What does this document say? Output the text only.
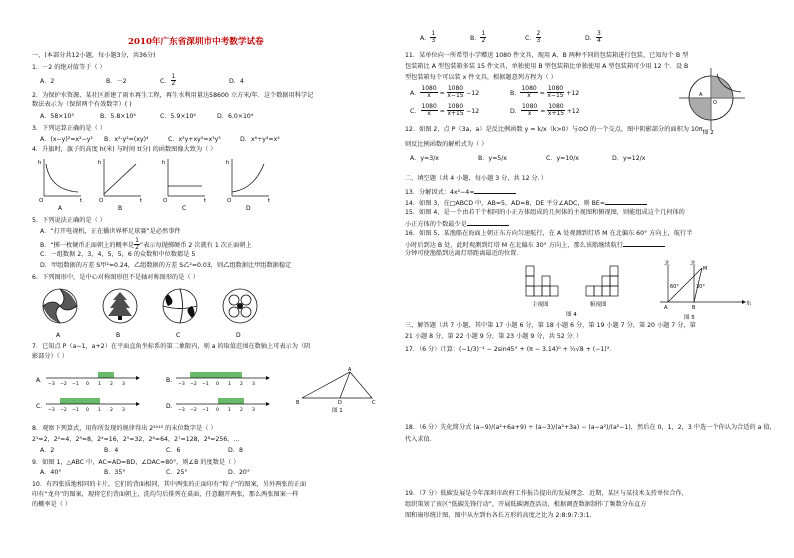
2010年广东省深圳市中考数学试卷
一、(本部分共12小题，每小题3分，共36分)
1．－2 的绝对值等于（ ）
A．2	B．－2	C． $\frac{1}{2}$	D．4
2．为保护水资源，某社区新建了雨水再生工程，再生水利用量达58600 立方米/年．这个数据用科学记
数法表示为（保留两个有效数字）( )
A．58×10³	B．5.8×10⁴	C．5.9×10⁴	D．6.0×10⁴
3．下列运算正确的是（ ）
A．(x−y)²=x²−y² B．x²·y²=(xy)⁴	C．x²y+xy²=x³y³	D．x⁶÷y²=x⁴
4．升旗时，旗子的高度 h(米) 与时间 t(分) 的函数图像大致为（ ）
h
t
O
A
h
t
O
B
h
t
O
C
h
t
O
D
5．下列说法正确的是（ ）
A．“打开电视机，正在播世界杯足球赛”是必然事件
B．“掷一枚硬币正面朝上的概率是 $\frac{1}{2}$ ”表示每抛掷硬币 2 次就有 1 次正面朝上
C．一组数据 2，3，4，5，5，6 的众数和中位数都是 5
D．甲组数据的方差 S甲²=0.24，乙组数据的方差 S乙²=0.03，则乙组数据比甲组数据稳定
6．下列图形中，是中心对称图形但不是轴对称图形的是（ ）
A	B	C	D
7．已知点 P（a−1，a+2）在平面直角坐标系的第二象限内，则 a 的取值范围在数轴上可表示为（阴
影部分）（ ）
A．
−3 −2 −1 0 1 2 3
B．
−3 −2 −1 0 1 2 3
C．
−3 −2 −1 0 1 2 3
D．
−3 −2 −1 0 1 2 3
A
B	C
D
图 1
8．观察下列算式，用你所发现的规律得出 2²⁰¹⁰ 的末位数字是（ ）
2¹=2，2²=4，2³=8，2⁴=16，2⁵=32，2⁶=64，2⁷=128，2⁸=256，…
A．2	B．4	C．6	D．8
9．如图 1，△ABC 中，AC=AD=BD，∠DAC=80°，则∠B 的度数是（ ）
A．40°	B．35°	C．25°	D．20°
10．有四张质地相同的卡片，它们的背面相同，其中两张的正面印有“粽子”的图案，另外两张的正面
印有“龙舟”的图案，现将它们背面朝上，洗均匀后排列在桌面，任意翻开两张，那么两张图案一样
的概率是（ ）
A． $\frac{1}{3}$	B． $\frac{1}{2}$	C． $\frac{2}{3}$	D． $\frac{3}{4}$
11．某单位向一所希望小学赠送 1080 件文具，现用 A、B 两种不同的包装箱进行包装，已知每个 B 型
包装箱比 A 型包装箱多装 15 件文具，单独使用 B 型包装箱比单独使用 A 型包装箱可少用 12 个．设 B
型包装箱每个可以装 x 件文具，根据题意列方程为（ ）
A． $\frac{1080}{x} = \frac{1080}{x-15} -12$	B． $\frac{1080}{x} = \frac{1080}{x-15} +12$
C． $\frac{1080}{x} = \frac{1080}{x+15} -12$	D． $\frac{1080}{x} = \frac{1080}{x+15} +12$
O
A
图 2
12．如图 2，点 P（3a，a）是反比例函数 y = k/x（k>0）与⊙O 的一个交点，图中阴影部分的面积为 10π，
则反比例函数的解析式为（ ）
A．y=3/x	B．y=5/x	C．y=10/x	D．y=12/x
二、填空题（共 4 小题，每小题 3 分，共 12 分．）
13．分解因式：4x²−4=
14．如图 3，在□ABCD 中，AB=5，AD=8，DE 平分∠ADC，则 BE=
15．如图 4，是一个由若干个相同的小正方体组成的几何体的主视图和俯视图，则能组成这个几何体的
小正方体的个数最少是
16．如图 5，某渔船在海面上朝正东方向匀速航行，在 A 处观测到灯塔 M 在北偏东 60° 方向上，航行半
小时后到达 B 处，此时观测到灯塔 M 在北偏东 30° 方向上，那么该船继续航行
分钟可使渔船到达离灯塔距离最近的位置．
主视图	俯视图
图 4
北	北
东
60°	30°
A	B
M
图 5
三、解答题（共 7 小题，其中第 17 小题 6 分，第 18 小题 6 分，第 19 小题 7 分，第 20 小题 7 分，第
21 小题 8 分，第 22 小题 9 分，第 23 小题 9 分，共 52 分．）
17．（6 分）计算：(−1/3)⁻² − 2sin45° + (π − 3.14)⁰ + ½√8 + (−1)³．
18．（6 分）先化简分式 (a−9)/(a²+6a+9) ÷ (a−3)/(a²+3a) − (a−a²)/(a²−1)，然后在 0，1，2，3 中选一个你认为合适的 a 值，
代入求值．
19．（7 分）低碳发展是今年深圳市政府工作报告提出的发展理念．近期，某区与某技术支持单位合作，
组织策划了该区“低碳先锋行动”，开展低碳调查活动，根据调查数据制作了频数分布直方
图和扇形统计图，图中从左到右各长方形的高度之比为 2:8:9:7:3:1．
